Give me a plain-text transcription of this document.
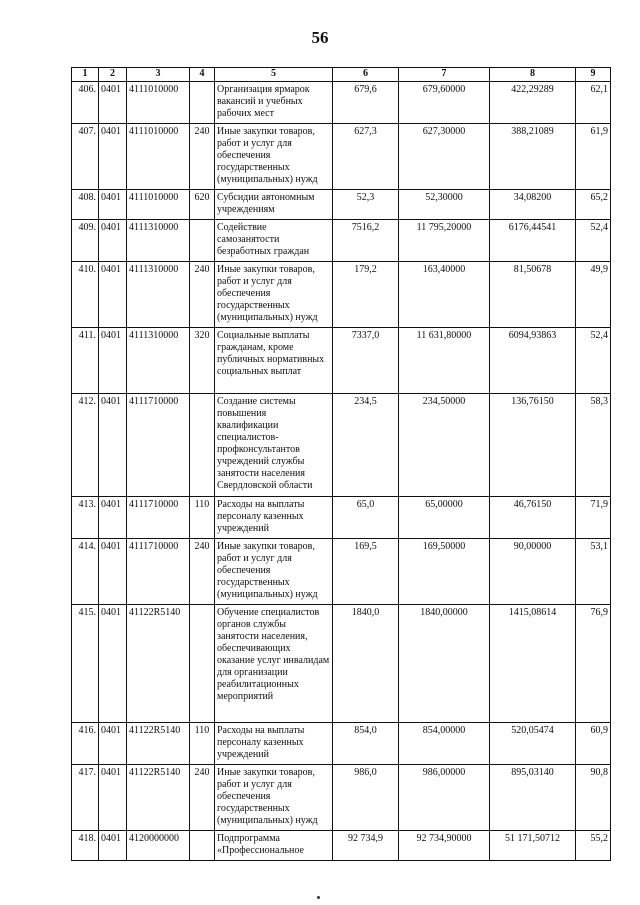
56
1	2	3	4	5	6	7	8	9
406.	0401	4111010000		Организация ярмарок вакансий и учебных рабочих мест	679,6	679,60000	422,29289	62,1
407.	0401	4111010000	240	Иные закупки товаров, работ и услуг для обеспечения государственных (муниципальных) нужд	627,3	627,30000	388,21089	61,9
408.	0401	4111010000	620	Субсидии автономным учреждениям	52,3	52,30000	34,08200	65,2
409.	0401	4111310000		Содействие самозанятости безработных граждан	7516,2	11 795,20000	6176,44541	52,4
410.	0401	4111310000	240	Иные закупки товаров, работ и услуг для обеспечения государственных (муниципальных) нужд	179,2	163,40000	81,50678	49,9
411.	0401	4111310000	320	Социальные выплаты гражданам, кроме публичных нормативных социальных выплат	7337,0	11 631,80000	6094,93863	52,4
412.	0401	4111710000		Создание системы повышения квалификации специалистов-профконсультантов учреждений службы занятости населения Свердловской области	234,5	234,50000	136,76150	58,3
413.	0401	4111710000	110	Расходы на выплаты персоналу казенных учреждений	65,0	65,00000	46,76150	71,9
414.	0401	4111710000	240	Иные закупки товаров, работ и услуг для обеспечения государственных (муниципальных) нужд	169,5	169,50000	90,00000	53,1
415.	0401	41122R5140		Обучение специалистов органов службы занятости населения, обеспечивающих оказание услуг инвалидам для организации реабилитационных мероприятий	1840,0	1840,00000	1415,08614	76,9
416.	0401	41122R5140	110	Расходы на выплаты персоналу казенных учреждений	854,0	854,00000	520,05474	60,9
417.	0401	41122R5140	240	Иные закупки товаров, работ и услуг для обеспечения государственных (муниципальных) нужд	986,0	986,00000	895,03140	90,8
418.	0401	4120000000		Подпрограмма «Профессиональное	92 734,9	92 734,90000	51 171,50712	55,2
